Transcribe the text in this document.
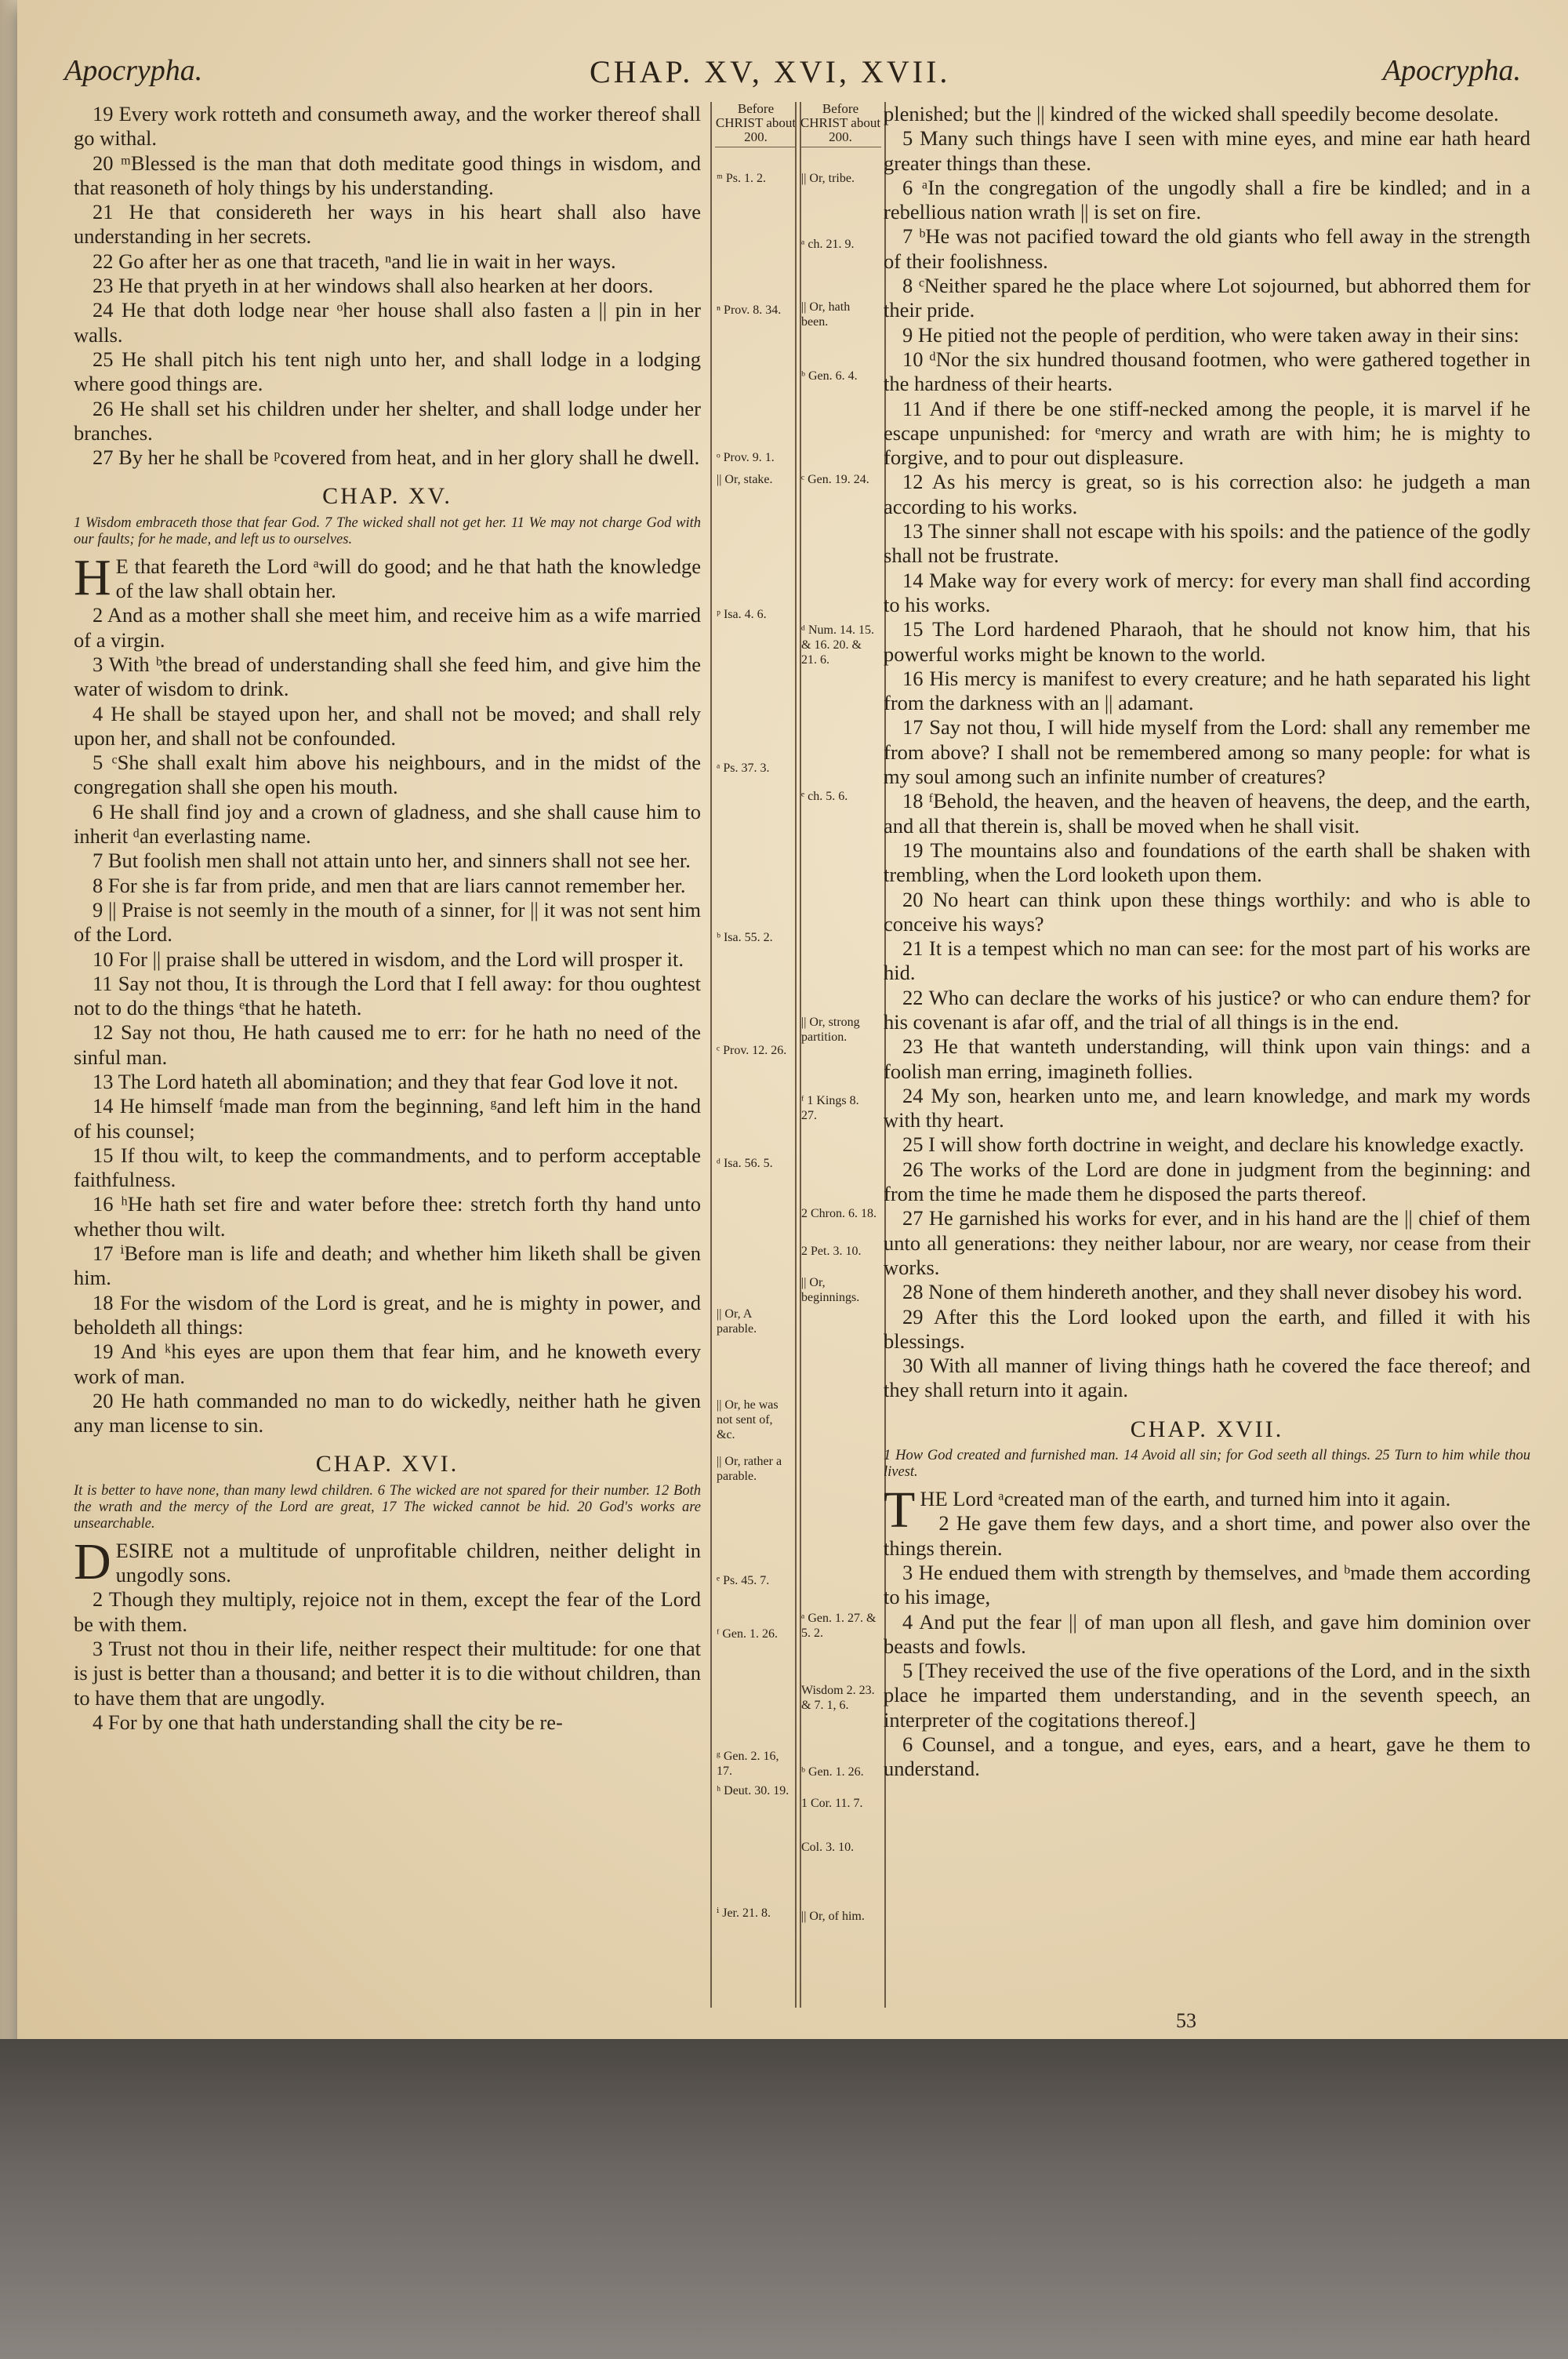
Apocrypha.	CHAP. XV, XVI, XVII.	Apocrypha.

19 Every work rotteth and consumeth away, and the worker thereof shall go withal.

20 ᵐBlessed is the man that doth meditate good things in wisdom, and that reasoneth of holy things by his understanding.

21 He that considereth her ways in his heart shall also have understanding in her secrets.

22 Go after her as one that traceth, ⁿand lie in wait in her ways.

23 He that pryeth in at her windows shall also hearken at her doors.

24 He that doth lodge near ᵒher house shall also fasten a || pin in her walls.

25 He shall pitch his tent nigh unto her, and shall lodge in a lodging where good things are.

26 He shall set his children under her shelter, and shall lodge under her branches.

27 By her he shall be ᵖcovered from heat, and in her glory shall he dwell.

CHAP. XV.
1 Wisdom embraceth those that fear God. 7 The wicked shall not get her. 11 We may not charge God with our faults; for he made, and left us to ourselves.

H E that feareth the Lord ᵃwill do good; and he that hath the knowledge of the law shall obtain her.

2 And as a mother shall she meet him, and receive him as a wife married of a virgin.

3 With ᵇthe bread of understanding shall she feed him, and give him the water of wisdom to drink.

4 He shall be stayed upon her, and shall not be moved; and shall rely upon her, and shall not be confounded.

5 ᶜShe shall exalt him above his neighbours, and in the midst of the congregation shall she open his mouth.

6 He shall find joy and a crown of gladness, and she shall cause him to inherit ᵈan everlasting name.

7 But foolish men shall not attain unto her, and sinners shall not see her.

8 For she is far from pride, and men that are liars cannot remember her.

9 || Praise is not seemly in the mouth of a sinner, for || it was not sent him of the Lord.

10 For || praise shall be uttered in wisdom, and the Lord will prosper it.

11 Say not thou, It is through the Lord that I fell away: for thou oughtest not to do the things ᵉthat he hateth.

12 Say not thou, He hath caused me to err: for he hath no need of the sinful man.

13 The Lord hateth all abomination; and they that fear God love it not.

14 He himself ᶠmade man from the beginning, ᵍand left him in the hand of his counsel;

15 If thou wilt, to keep the commandments, and to perform acceptable faithfulness.

16 ʰHe hath set fire and water before thee: stretch forth thy hand unto whether thou wilt.

17 ⁱBefore man is life and death; and whether him liketh shall be given him.

18 For the wisdom of the Lord is great, and he is mighty in power, and beholdeth all things:

19 And ᵏhis eyes are upon them that fear him, and he knoweth every work of man.

20 He hath commanded no man to do wickedly, neither hath he given any man license to sin.

CHAP. XVI.
It is better to have none, than many lewd children. 6 The wicked are not spared for their number. 12 Both the wrath and the mercy of the Lord are great, 17 The wicked cannot be hid. 20 God's works are unsearchable.

DESIRE not a multitude of unprofitable children, neither delight in ungodly sons.

2 Though they multiply, rejoice not in them, except the fear of the Lord be with them.

3 Trust not thou in their life, neither respect their multitude: for one that is just is better than a thousand; and better it is to die without children, than to have them that are ungodly.

4 For by one that hath understanding shall the city be re-

Before CHRIST about 200.
ᵐ Ps. 1. 2.
ⁿ Prov. 8. 34.
ᵒ Prov. 9. 1.
|| Or, stake.
ᵖ Isa. 4. 6.
ᵃ Ps. 37. 3.
ᵇ Isa. 55. 2.
ᶜ Prov. 12. 26.
ᵈ Isa. 56. 5.
|| Or, A parable.
|| Or, he was not sent of, &c.
|| Or, rather a parable.
ᵉ Ps. 45. 7.
ᶠ Gen. 1. 26.
ᵍ Gen. 2. 16, 17.
ʰ Deut. 30. 19.
ⁱ Jer. 21. 8.
Before CHRIST about 200.
|| Or, tribe.
ᵃ ch. 21. 9.
|| Or, hath been.
ᵇ Gen. 6. 4.
ᶜ Gen. 19. 24.
ᵈ Num. 14. 15. & 16. 20. & 21. 6.
ᵉ ch. 5. 6.
|| Or, strong partition.
ᶠ 1 Kings 8. 27.
2 Chron. 6. 18.
2 Pet. 3. 10.
|| Or, beginnings.
ᵃ Gen. 1. 27. & 5. 2.
Wisdom 2. 23. & 7. 1, 6.
ᵇ Gen. 1. 26.
1 Cor. 11. 7.
Col. 3. 10.
|| Or, of him.

plenished; but the || kindred of the wicked shall speedily become desolate.

5 Many such things have I seen with mine eyes, and mine ear hath heard greater things than these.

6 ᵃIn the congregation of the ungodly shall a fire be kindled; and in a rebellious nation wrath || is set on fire.

7 ᵇHe was not pacified toward the old giants who fell away in the strength of their foolishness.

8 ᶜNeither spared he the place where Lot sojourned, but abhorred them for their pride.

9 He pitied not the people of perdition, who were taken away in their sins:

10 ᵈNor the six hundred thousand footmen, who were gathered together in the hardness of their hearts.

11 And if there be one stiff-necked among the people, it is marvel if he escape unpunished: for ᵉmercy and wrath are with him; he is mighty to forgive, and to pour out displeasure.

12 As his mercy is great, so is his correction also: he judgeth a man according to his works.

13 The sinner shall not escape with his spoils: and the patience of the godly shall not be frustrate.

14 Make way for every work of mercy: for every man shall find according to his works.

15 The Lord hardened Pharaoh, that he should not know him, that his powerful works might be known to the world.

16 His mercy is manifest to every creature; and he hath separated his light from the darkness with an || adamant.

17 Say not thou, I will hide myself from the Lord: shall any remember me from above? I shall not be remembered among so many people: for what is my soul among such an infinite number of creatures?

18 ᶠBehold, the heaven, and the heaven of heavens, the deep, and the earth, and all that therein is, shall be moved when he shall visit.

19 The mountains also and foundations of the earth shall be shaken with trembling, when the Lord looketh upon them.

20 No heart can think upon these things worthily: and who is able to conceive his ways?

21 It is a tempest which no man can see: for the most part of his works are hid.

22 Who can declare the works of his justice? or who can endure them? for his covenant is afar off, and the trial of all things is in the end.

23 He that wanteth understanding, will think upon vain things: and a foolish man erring, imagineth follies.

24 My son, hearken unto me, and learn knowledge, and mark my words with thy heart.

25 I will show forth doctrine in weight, and declare his knowledge exactly.

26 The works of the Lord are done in judgment from the beginning: and from the time he made them he disposed the parts thereof.

27 He garnished his works for ever, and in his hand are the || chief of them unto all generations: they neither labour, nor are weary, nor cease from their works.

28 None of them hindereth another, and they shall never disobey his word.

29 After this the Lord looked upon the earth, and filled it with his blessings.

30 With all manner of living things hath he covered the face thereof; and they shall return into it again.

CHAP. XVII.
1 How God created and furnished man. 14 Avoid all sin; for God seeth all things. 25 Turn to him while thou livest.

THE Lord ᵃcreated man of the earth, and turned him into it again.

2 He gave them few days, and a short time, and power also over the things therein.

3 He endued them with strength by themselves, and ᵇmade them according to his image,

4 And put the fear || of man upon all flesh, and gave him dominion over beasts and fowls.

5 [They received the use of the five operations of the Lord, and in the sixth place he imparted them understanding, and in the seventh speech, an interpreter of the cogitations thereof.]

6 Counsel, and a tongue, and eyes, ears, and a heart, gave he them to understand.

53
